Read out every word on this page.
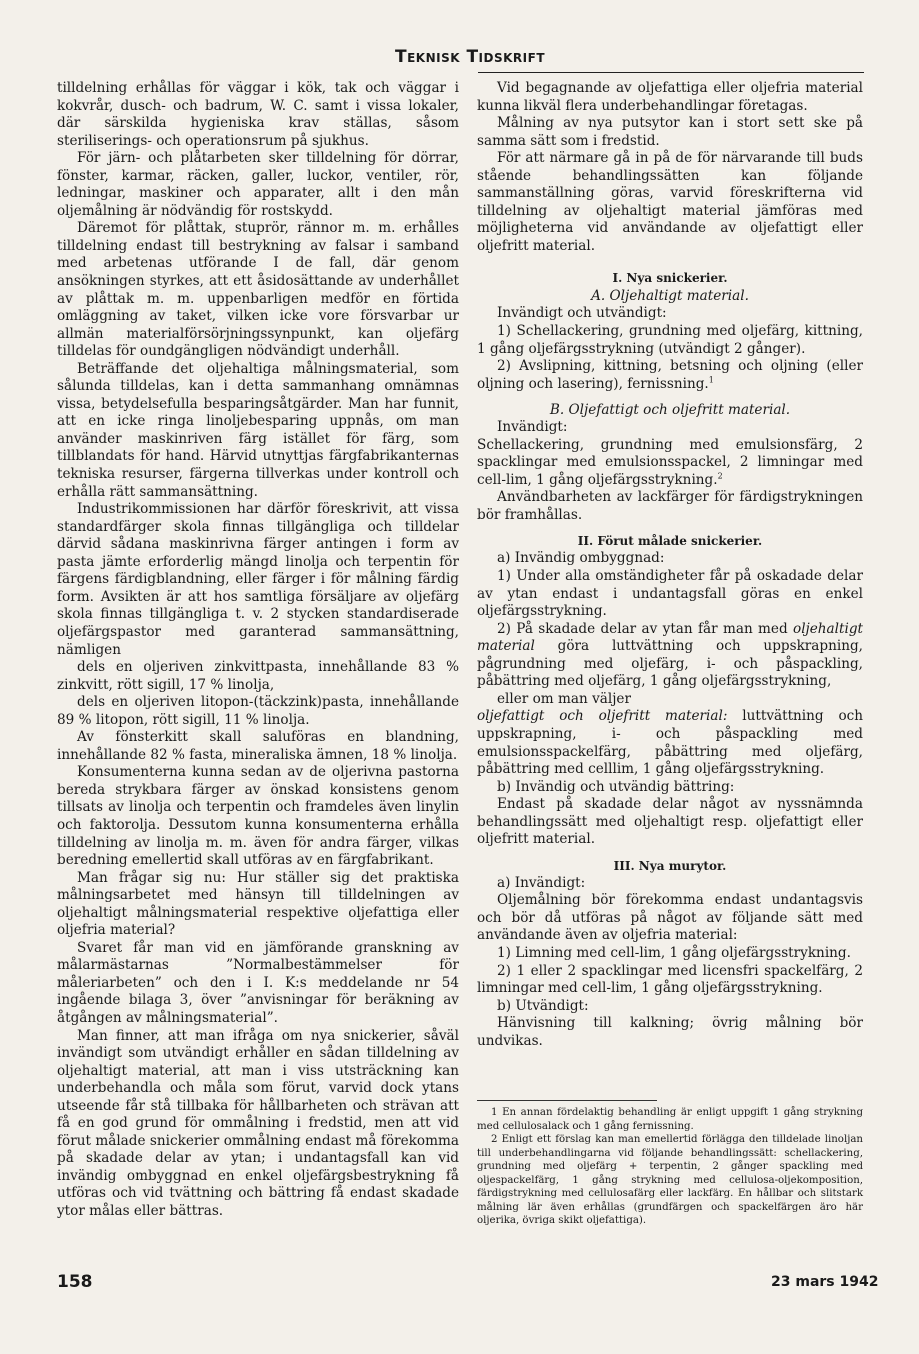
Teknisk Tidskrift

tilldelning erhållas för väggar i kök, tak och väggar i kokvrår, dusch- och badrum, W. C. samt i vissa lokaler, där särskilda hygieniska krav ställas, såsom steriliserings- och operationsrum på sjukhus.

För järn- och plåtarbeten sker tilldelning för dörrar, fönster, karmar, räcken, galler, luckor, ventiler, rör, ledningar, maskiner och apparater, allt i den mån oljemålning är nödvändig för rostskydd.

Däremot för plåttak, stuprör, rännor m. m. erhålles tilldelning endast till bestrykning av falsar i samband med arbetenas utförande I de fall, där genom ansökningen styrkes, att ett åsidosättande av underhållet av plåttak m. m. uppenbarligen medför en förtida omläggning av taket, vilken icke vore försvarbar ur allmän materialförsörjningssynpunkt, kan oljefärg tilldelas för oundgängligen nödvändigt underhåll.

Beträffande det oljehaltiga målningsmaterial, som sålunda tilldelas, kan i detta sammanhang omnämnas vissa, betydelsefulla besparingsåtgärder. Man har funnit, att en icke ringa linoljebesparing uppnås, om man använder maskinriven färg istället för färg, som tillblandats för hand. Härvid utnyttjas färgfabrikanternas tekniska resurser, färgerna tillverkas under kontroll och erhålla rätt sammansättning.

Industrikommissionen har därför föreskrivit, att vissa standardfärger skola finnas tillgängliga och tilldelar därvid sådana maskinrivna färger antingen i form av pasta jämte erforderlig mängd linolja och terpentin för färgens färdigblandning, eller färger i för målning färdig form. Avsikten är att hos samtliga försäljare av oljefärg skola finnas tillgängliga t. v. 2 stycken standardiserade oljefärgspastor med garanterad sammansättning, nämligen

dels en oljeriven zinkvittpasta, innehållande 83 % zinkvitt, rött sigill, 17 % linolja,

dels en oljeriven litopon-(täckzink)pasta, innehållande 89 % litopon, rött sigill, 11 % linolja.

Av fönsterkitt skall saluföras en blandning, innehållande 82 % fasta, mineraliska ämnen, 18 % linolja.

Konsumenterna kunna sedan av de oljerivna pastorna bereda strykbara färger av önskad konsistens genom tillsats av linolja och terpentin och framdeles även linylin och faktorolja. Dessutom kunna konsumenterna erhålla tilldelning av linolja m. m. även för andra färger, vilkas beredning emellertid skall utföras av en färgfabrikant.

Man frågar sig nu: Hur ställer sig det praktiska målningsarbetet med hänsyn till tilldelningen av oljehaltigt målningsmaterial respektive oljefattiga eller oljefria material?

Svaret får man vid en jämförande granskning av målarmästarnas ”Normalbestämmelser för måleriarbeten” och den i I. K:s meddelande nr 54 ingående bilaga 3, över ”anvisningar för beräkning av åtgången av målningsmaterial”.

Man finner, att man ifråga om nya snickerier, såväl invändigt som utvändigt erhåller en sådan tilldelning av oljehaltigt material, att man i viss utsträckning kan underbehandla och måla som förut, varvid dock ytans utseende får stå tillbaka för hållbarheten och strävan att få en god grund för ommålning i fredstid, men att vid förut målade snickerier ommålning endast må förekomma på skadade delar av ytan; i undantagsfall kan vid invändig ombyggnad en enkel oljefärgsbestrykning få utföras och vid tvättning och bättring få endast skadade ytor målas eller bättras.

Vid begagnande av oljefattiga eller oljefria material kunna likväl flera underbehandlingar företagas.

Målning av nya putsytor kan i stort sett ske på samma sätt som i fredstid.

För att närmare gå in på de för närvarande till buds stående behandlingssätten kan följande sammanställning göras, varvid föreskrifterna vid tilldelning av oljehaltigt material jämföras med möjligheterna vid användande av oljefattigt eller oljefritt material.

I. Nya snickerier.
A. Oljehaltigt material.

Invändigt och utvändigt:

1) Schellackering, grundning med oljefärg, kittning, 1 gång oljefärgsstrykning (utvändigt 2 gånger).

2) Avslipning, kittning, betsning och oljning (eller oljning och lasering), fernissning.$^1$

B. Oljefattigt och oljefritt material.

Invändigt:

Schellackering, grundning med emulsionsfärg, 2 spacklingar med emulsionsspackel, 2 limningar med cell-lim, 1 gång oljefärgsstrykning.$^2$

Användbarheten av lackfärger för färdigstrykningen bör framhållas.

II. Förut målade snickerier.

a) Invändig ombyggnad:

1) Under alla omständigheter får på oskadade delar av ytan endast i undantagsfall göras en enkel oljefärgsstrykning.

2) På skadade delar av ytan får man med oljehaltigt material göra luttvättning och uppskrapning, pågrundning med oljefärg, i- och påspackling, påbättring med oljefärg, 1 gång oljefärgsstrykning,

eller om man väljer

oljefattigt och oljefritt material: luttvättning och uppskrapning, i- och påspackling med emulsionsspackelfärg, påbättring med oljefärg, påbättring med celllim, 1 gång oljefärgsstrykning.

b) Invändig och utvändig bättring:

Endast på skadade delar något av nyssnämnda behandlingssätt med oljehaltigt resp. oljefattigt eller oljefritt material.

III. Nya murytor.

a) Invändigt:

Oljemålning bör förekomma endast undantagsvis och bör då utföras på något av följande sätt med användande även av oljefria material:

1) Limning med cell-lim, 1 gång oljefärgsstrykning.

2) 1 eller 2 spacklingar med licensfri spackelfärg, 2 limningar med cell-lim, 1 gång oljefärgsstrykning.

b) Utvändigt:

Hänvisning till kalkning; övrig målning bör undvikas.

1 En annan fördelaktig behandling är enligt uppgift 1 gång strykning med cellulosalack och 1 gång fernissning.

2 Enligt ett förslag kan man emellertid förlägga den tilldelade linoljan till underbehandlingarna vid följande behandlingssätt: schellackering, grundning med oljefärg + terpentin, 2 gånger spackling med oljespackelfärg, 1 gång strykning med cellulosa-oljekomposition, färdigstrykning med cellulosafärg eller lackfärg. En hållbar och slitstark målning lär även erhållas (grundfärgen och spackelfärgen äro här oljerika, övriga skikt oljefattiga).

158	23 mars 1942
